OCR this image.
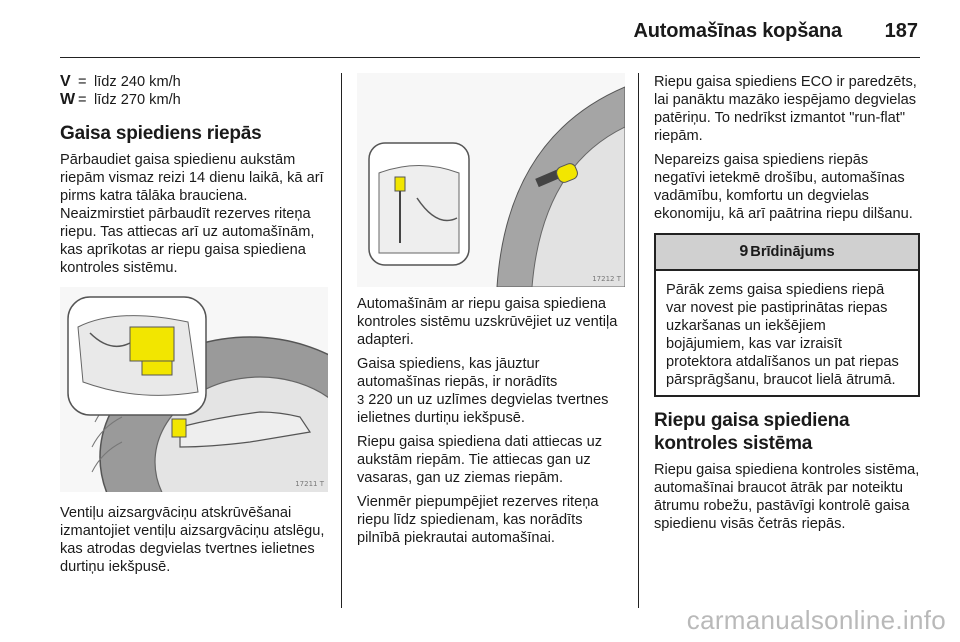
Automašīnas kopšana 187
V = līdz 240 km/h
W = līdz 270 km/h
Gaisa spiediens riepās

Pārbaudiet gaisa spiedienu aukstām riepām vismaz reizi 14 dienu laikā, kā arī pirms katra tālāka brauciena. Neaizmirstiet pārbaudīt rezerves riteņa riepu. Tas attiecas arī uz automašīnām, kas aprīkotas ar riepu gaisa spiediena kontroles sistēmu.

17211 T

Ventiļu aizsargvāciņu atskrūvēšanai izmantojiet ventiļu aizsargvāciņu atslēgu, kas atrodas degvielas tvertnes ielietnes durtiņu iekšpusē.

17212 T

Automašīnām ar riepu gaisa spiediena kontroles sistēmu uzskrūvējiet uz ventiļa adapteri.

Gaisa spiediens, kas jāuztur automašīnas riepās, ir norādīts
3 220 un uz uzlīmes degvielas tvertnes ielietnes durtiņu iekšpusē.

Riepu gaisa spiediena dati attiecas uz aukstām riepām. Tie attiecas gan uz vasaras, gan uz ziemas riepām.

Vienmēr piepumpējiet rezerves riteņa riepu līdz spiedienam, kas norādīts pilnībā piekrautai automašīnai.

Riepu gaisa spiediens ECO ir paredzēts, lai panāktu mazāko iespējamo degvielas patēriņu. To nedrīkst izmantot "run-flat" riepām.

Nepareizs gaisa spiediens riepās negatīvi ietekmē drošību, automašīnas vadāmību, komfortu un degvielas ekonomiju, kā arī paātrina riepu dilšanu.

9 Brīdinājums

Pārāk zems gaisa spiediens riepā var novest pie pastiprinātas riepas uzkaršanas un iekšējiem bojājumiem, kas var izraisīt protektora atdalīšanos un pat riepas pārsprāgšanu, braucot lielā ātrumā.

Riepu gaisa spiediena kontroles sistēma

Riepu gaisa spiediena kontroles sistēma, automašīnai braucot ātrāk par noteiktu ātrumu robežu, pastāvīgi kontrolē gaisa spiedienu visās četrās riepās.

carmanualsonline.info
